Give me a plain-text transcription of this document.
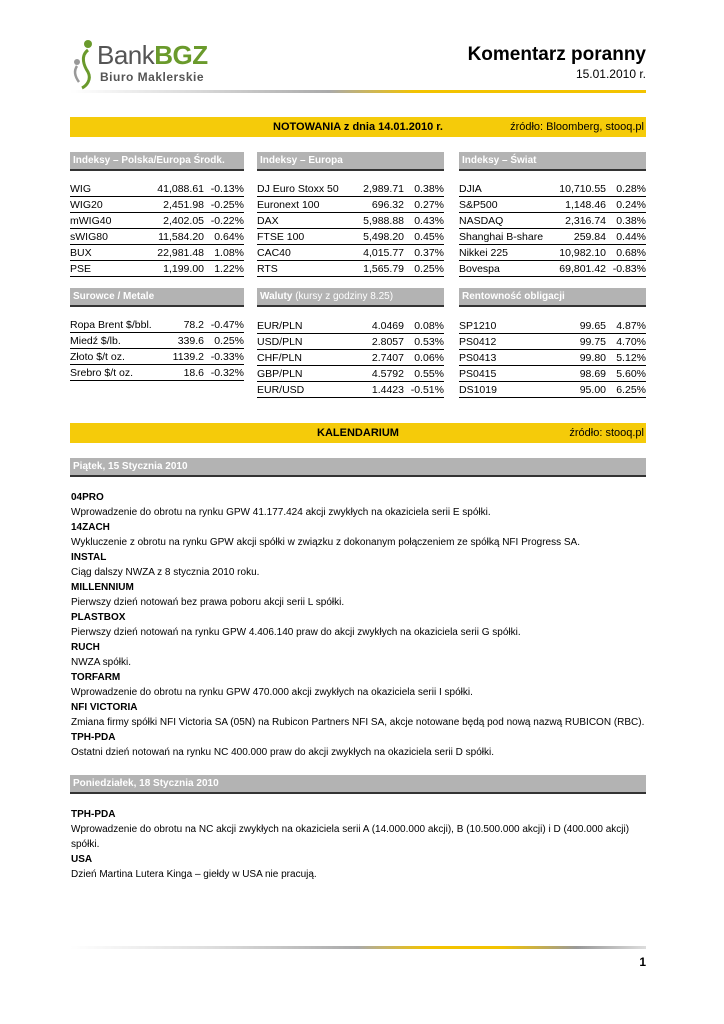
BankBGZ
Biuro Maklerskie
Komentarz poranny
15.01.2010 r.
NOTOWANIA z dnia 14.01.2010 r.	źródło: Bloomberg, stooq.pl
Indeksy – Polska/Europa Środk.	Indeksy – Europa	Indeksy – Świat
WIG	41,088.61	-0.13%
WIG20	2,451.98	-0.25%
mWIG40	2,402.05	-0.22%
sWIG80	11,584.20	0.64%
BUX	22,981.48	1.08%
PSE	1,199.00	1.22%
DJ Euro Stoxx 50	2,989.71	0.38%
Euronext 100	696.32	0.27%
DAX	5,988.88	0.43%
FTSE 100	5,498.20	0.45%
CAC40	4,015.77	0.37%
RTS	1,565.79	0.25%
DJIA	10,710.55	0.28%
S&P500	1,148.46	0.24%
NASDAQ	2,316.74	0.38%
Shanghai B-share	259.84	0.44%
Nikkei 225	10,982.10	0.68%
Bovespa	69,801.42	-0.83%
Surowce / Metale	Waluty (kursy z godziny 8.25)	Rentowność obligacji
Ropa Brent $/bbl.	78.2	-0.47%
Miedź $/lb.	339.6	0.25%
Złoto $/t oz.	1139.2	-0.33%
Srebro $/t oz.	18.6	-0.32%
EUR/PLN	4.0469	0.08%
USD/PLN	2.8057	0.53%
CHF/PLN	2.7407	0.06%
GBP/PLN	4.5792	0.55%
EUR/USD	1.4423	-0.51%
SP1210	99.65	4.87%
PS0412	99.75	4.70%
PS0413	99.80	5.12%
PS0415	98.69	5.60%
DS1019	95.00	6.25%
KALENDARIUM	źródło: stooq.pl
Piątek, 15 Stycznia 2010
04PRO
Wprowadzenie do obrotu na rynku GPW 41.177.424 akcji zwykłych na okaziciela serii E spółki.
14ZACH
Wykluczenie z obrotu na rynku GPW akcji spółki w związku z dokonanym połączeniem ze spółką NFI Progress SA.
INSTAL
Ciąg dalszy NWZA z 8 stycznia 2010 roku.
MILLENNIUM
Pierwszy dzień notowań bez prawa poboru akcji serii L spółki.
PLASTBOX
Pierwszy dzień notowań na rynku GPW 4.406.140 praw do akcji zwykłych na okaziciela serii G spółki.
RUCH
NWZA spółki.
TORFARM
Wprowadzenie do obrotu na rynku GPW 470.000 akcji zwykłych na okaziciela serii I spółki.
NFI VICTORIA
Zmiana firmy spółki NFI Victoria SA (05N) na Rubicon Partners NFI SA, akcje notowane będą pod nową nazwą RUBICON (RBC).
TPH-PDA
Ostatni dzień notowań na rynku NC 400.000 praw do akcji zwykłych na okaziciela serii D spółki.
Poniedziałek, 18 Stycznia 2010
TPH-PDA
Wprowadzenie do obrotu na NC akcji zwykłych na okaziciela serii A (14.000.000 akcji), B (10.500.000 akcji) i D (400.000 akcji) spółki.
USA
Dzień Martina Lutera Kinga – giełdy w USA nie pracują.
1
